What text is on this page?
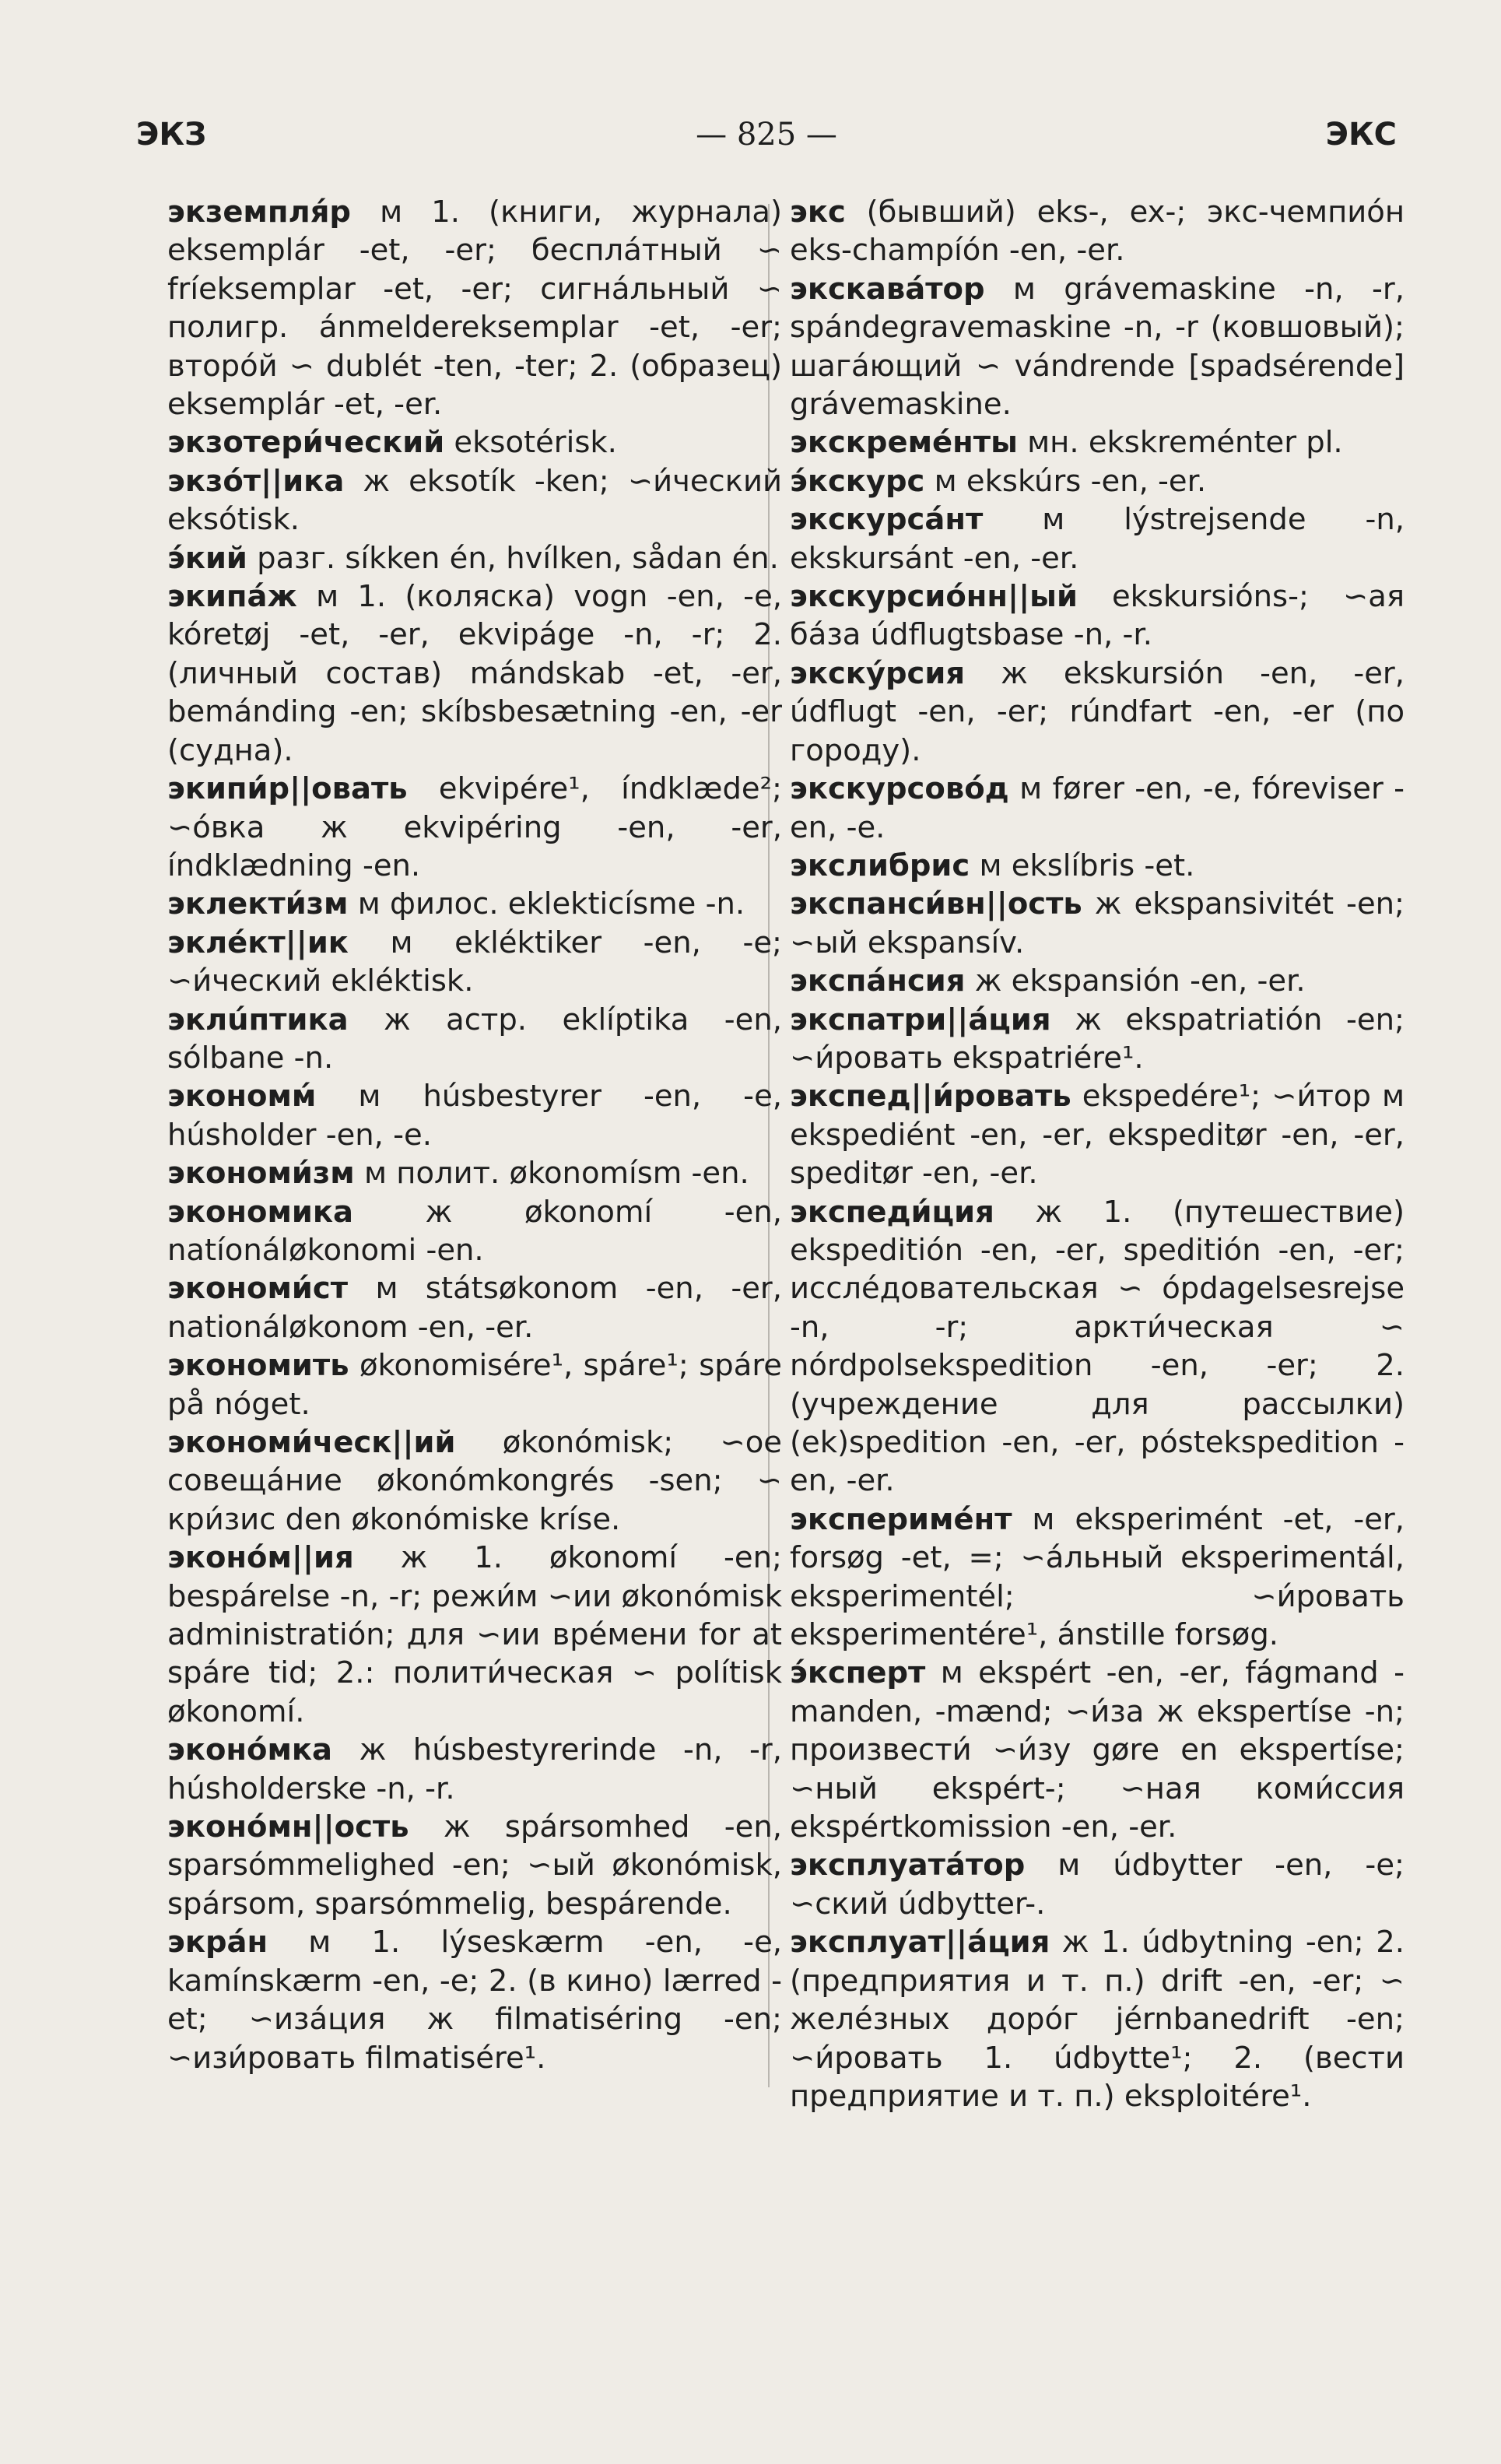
ЭКЗ	— 825 —	ЭКС

экземпля́р м 1. (книги, журнала) eksemplár -et, -er; бесплáтный ∽ fríeksemplar -et, -er; сигнáльный ∽ полигр. ánmeldereksemplar -et, -er; вторóй ∽ dublét -ten, -ter; 2. (образец) eksemplár -et, -er.

экзотери́ческий eksotérisk.

экзóт||ика ж eksotík -ken; ∽и́ческий eksótisk.

э́кий разг. síkken én, hvílken, sådan én.

экипáж м 1. (коляска) vogn -en, -e, kóretøj -et, -er, ekvipáge -n, -r; 2. (личный состав) mándskab -et, -er, bemánding -en; skíbsbesætning -en, -er (судна).

экипи́р||овать ekvipére¹, índklæde²; ∽óвка ж ekvipéring -en, -er, índklædning -en.

эклекти́зм м филос. eklekticísme -n.

эклéкт||ик м ekléktiker -en, -e; ∽и́ческий ekléktisk.

эклúптика ж астр. eklíptika -en, sólbane -n.

экономм́ м húsbestyrer -en, -e, húsholder -en, -e.

экономи́зм м полит. økonomísm -en.

экономика ж økonomí -en, natíonáløkonomi -en.

экономи́ст м státsøkonom -en, -er, nationáløkonom -en, -er.

экономить økonomisére¹, spáre¹; spáre på nóget.

экономи́ческ||ий økonómisk; ∽ое совещáние økonómkongrés -sen; ∽ кри́зис den økonómiske kríse.

эконóм||ия ж 1. økonomí -en; bespárelse -n, -r; режи́м ∽ии økonómisk administratión; для ∽ии врéмени for at spáre tid; 2.: полити́ческая ∽ polítisk økonomí.

эконóмка ж húsbestyrerinde -n, -r, húsholderske -n, -r.

эконóмн||ость ж spársomhed -en, sparsómmelighed -en; ∽ый økonómisk, spársom, sparsómmelig, bespárende.

экрáн м 1. lýseskærm -en, -e, kamínskærm -en, -e; 2. (в кино) lærred -et; ∽изáция ж filmatiséring -en; ∽изи́ровать filmatisére¹.

экс (бывший) eks-, ex-; экс-чемпиóн eks-champíón -en, -er.

экскавáтор м grávemaskine -n, -r, spándegravemaskine -n, -r (ковшовый); шагáющий ∽ vándrende [spadsérende] grávemaskine.

экскремéнты мн. ekskreménter pl.

э́кскурс м ekskúrs -en, -er.

экскурсáнт м lýstrejsende -n, ekskursánt -en, -er.

экскурсиóнн||ый ekskursións-; ∽ая бáза údflugtsbase -n, -r.

экскýрсия ж ekskursión -en, -er, údflugt -en, -er; rúndfart -en, -er (по городу).

экскурсовóд м førеr -en, -e, fóreviser -en, -e.

экслибрис м ekslíbris -et.

экспанси́вн||ость ж ekspansivitét -en; ∽ый ekspansív.

экспáнсия ж ekspansión -en, -er.

экспатри||áция ж ekspatriatión -en; ∽и́ровать ekspatriére¹.

экспед||и́ровать ekspedére¹; ∽и́тор м ekspediént -en, -er, ekspeditør -en, -er, speditør -en, -er.

экспеди́ция ж 1. (путешествие) ekspeditión -en, -er, speditión -en, -er; исслéдовательская ∽ ópdagelsesrejse -n, -r; аркти́ческая ∽ nórdpolsekspedition -en, -er; 2. (учреждение для рассылки) (ek)spedition -en, -er, póstekspedition -en, -er.

эксперимéнт м eksperimént -et, -er, forsøg -et, =; ∽áльный eksperimentál, eksperimentél; ∽и́ровать eksperimentére¹, ánstille forsøg.

э́ксперт м ekspért -en, -er, fágmand -manden, -mænd; ∽и́за ж ekspertíse -n; произвести́ ∽и́зу gøre en ekspertíse; ∽ный ekspért-; ∽ная коми́ссия ekspértkomission -en, -er.

эксплуатáтор м údbytter -en, -e; ∽ский údbytter-.

эксплуат||áция ж 1. údbytning -en; 2. (предприятия и т. п.) drift -en, -er; ∽ желéзных дорóг jérnbanedrift -en; ∽и́ровать 1. údbytte¹; 2. (вести предприятие и т. п.) eksploitére¹.
